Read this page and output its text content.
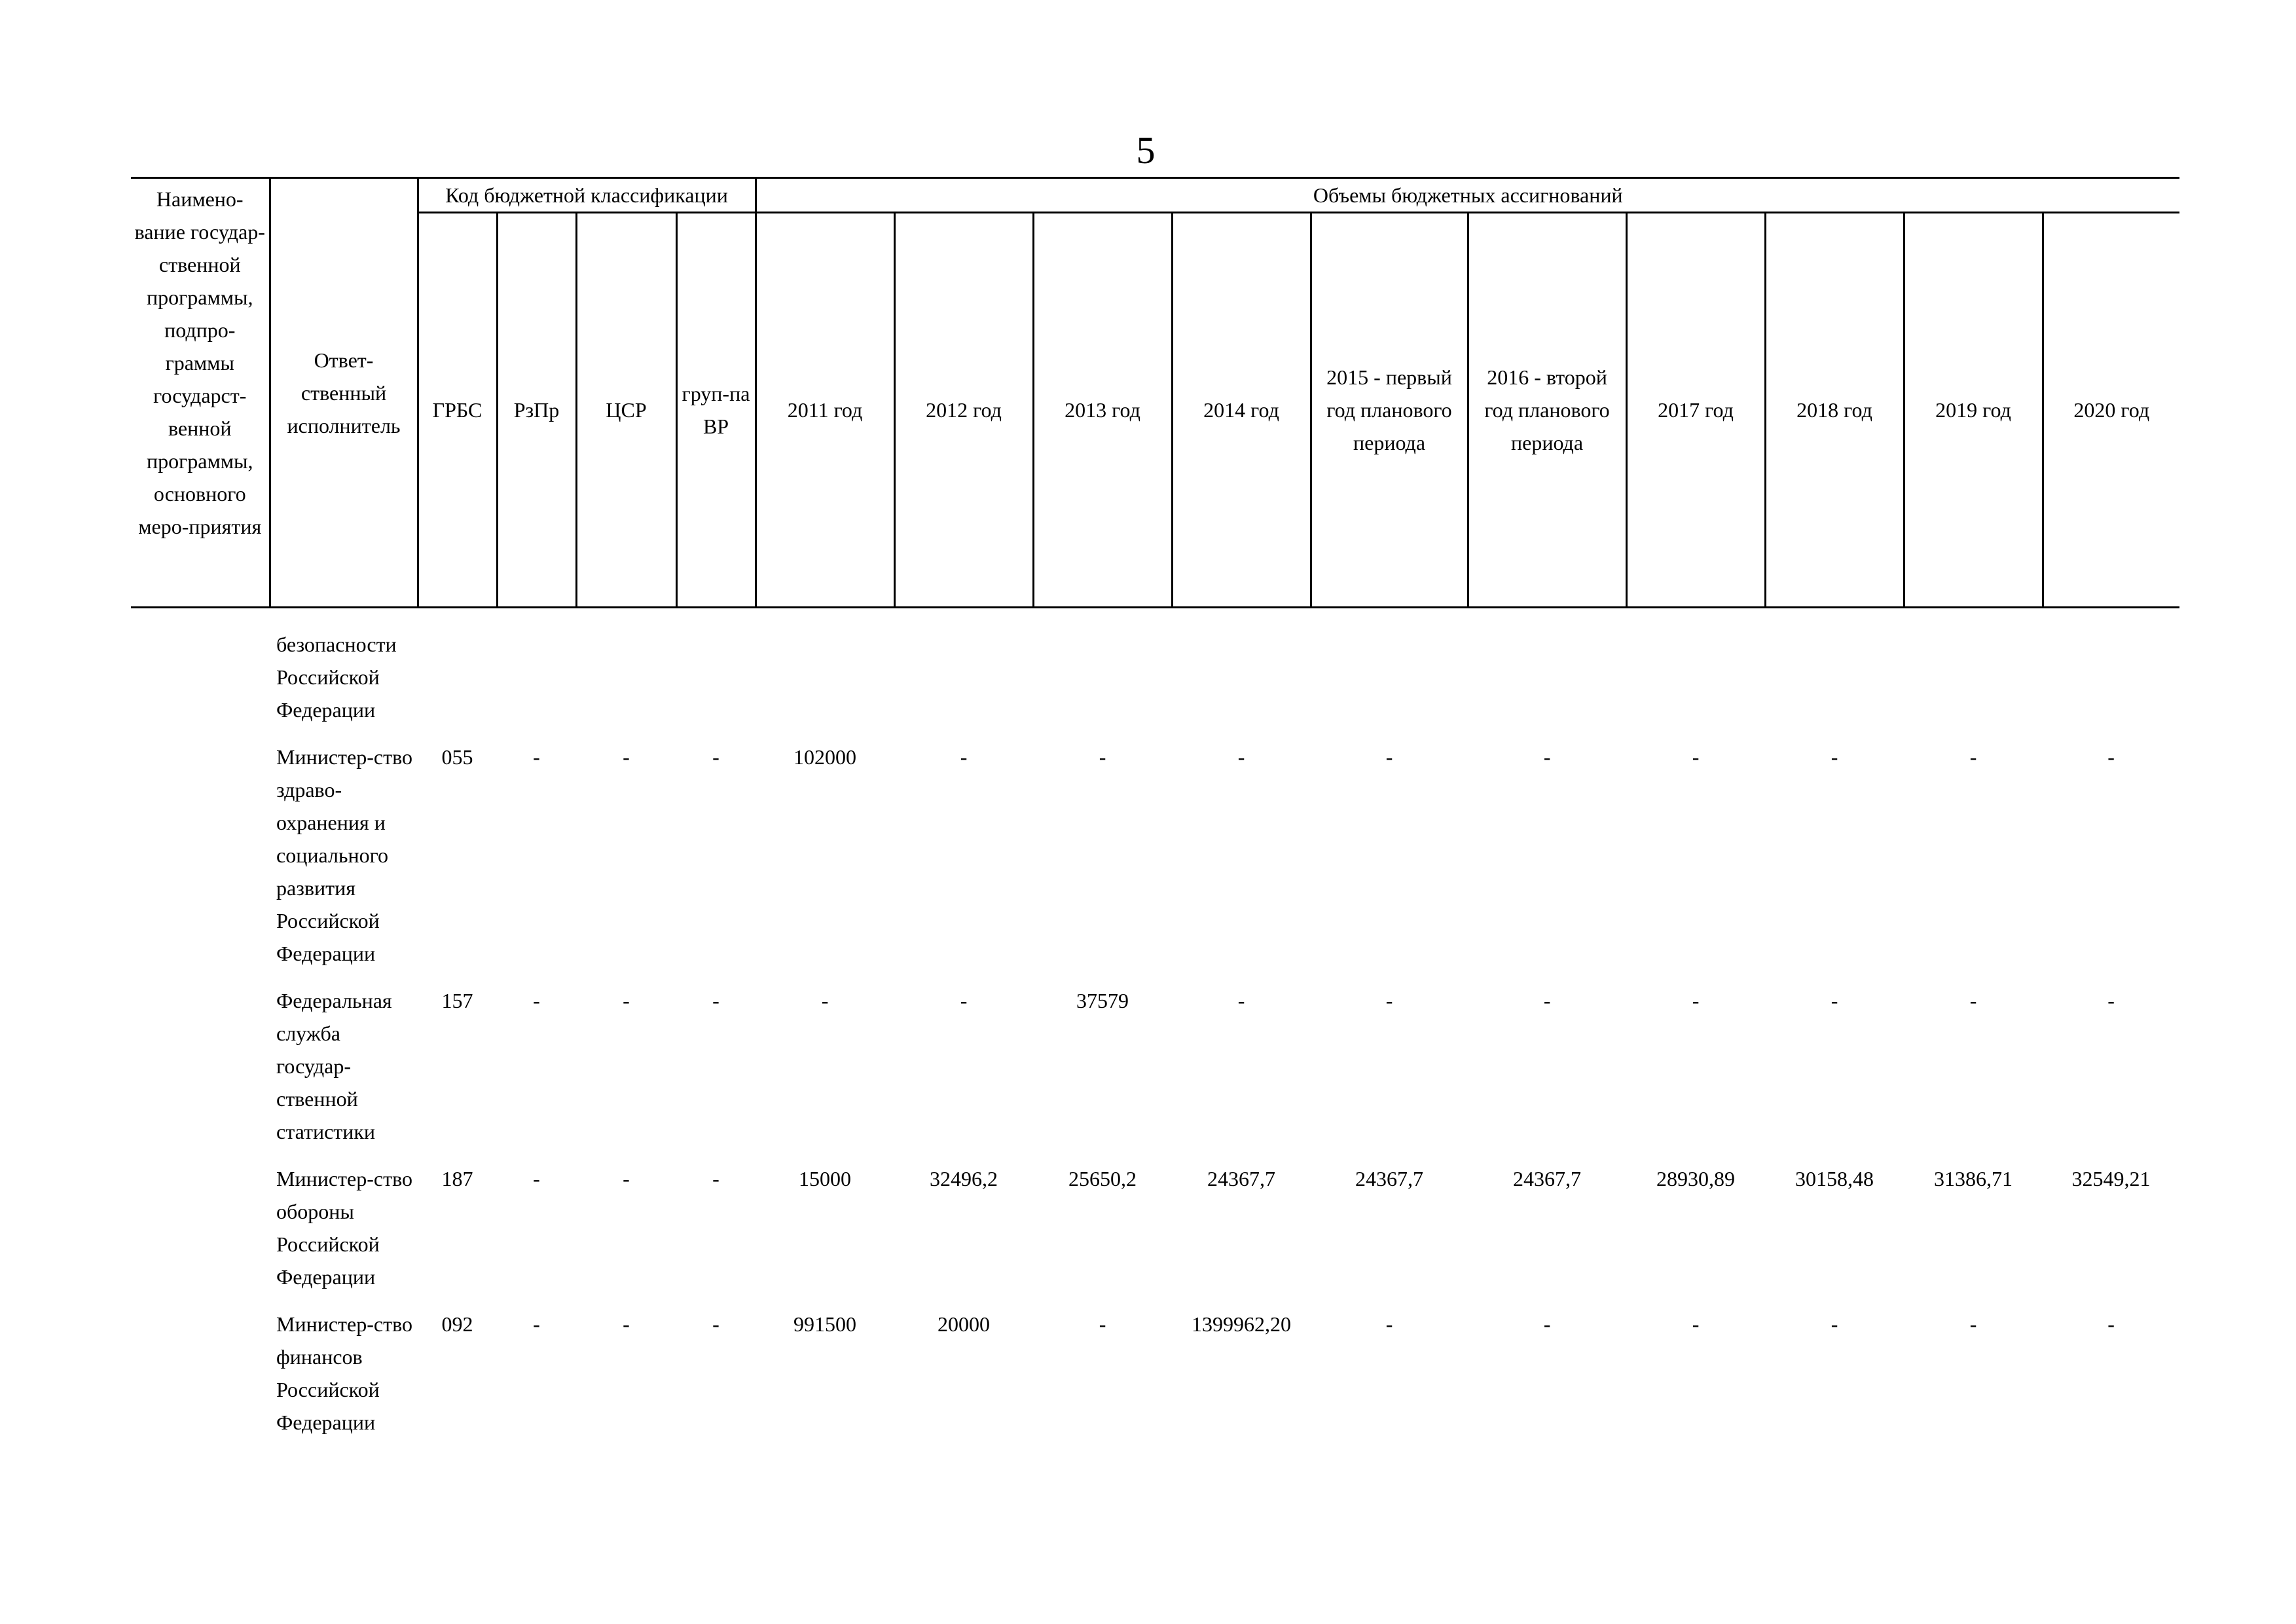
5
Наимено-вание государ-ственной программы, подпро-граммы государст-венной программы, основного меро-приятия	Ответ-ственный исполнитель	Код бюджетной классификации				Объемы бюджетных ассигнований									
		ГРБС	РзПр	ЦСР	груп-па ВР	2011 год	2012 год	2013 год	2014 год	2015 - первый год планового периода	2016 - второй год планового периода	2017 год	2018 год	2019 год	2020 год
	безопасности Российской Федерации														
	Министер-ство здраво-охранения и социального развития Российской Федерации	055	-	-	-	102000	-	-	-	-	-	-	-	-	-
	Федеральная служба государ-ственной статистики	157	-	-	-	-	-	37579	-	-	-	-	-	-	-
	Министер-ство обороны Российской Федерации	187	-	-	-	15000	32496,2	25650,2	24367,7	24367,7	24367,7	28930,89	30158,48	31386,71	32549,21
	Министер-ство финансов Российской Федерации	092	-	-	-	991500	20000	-	1399962,20	-	-	-	-	-	-
